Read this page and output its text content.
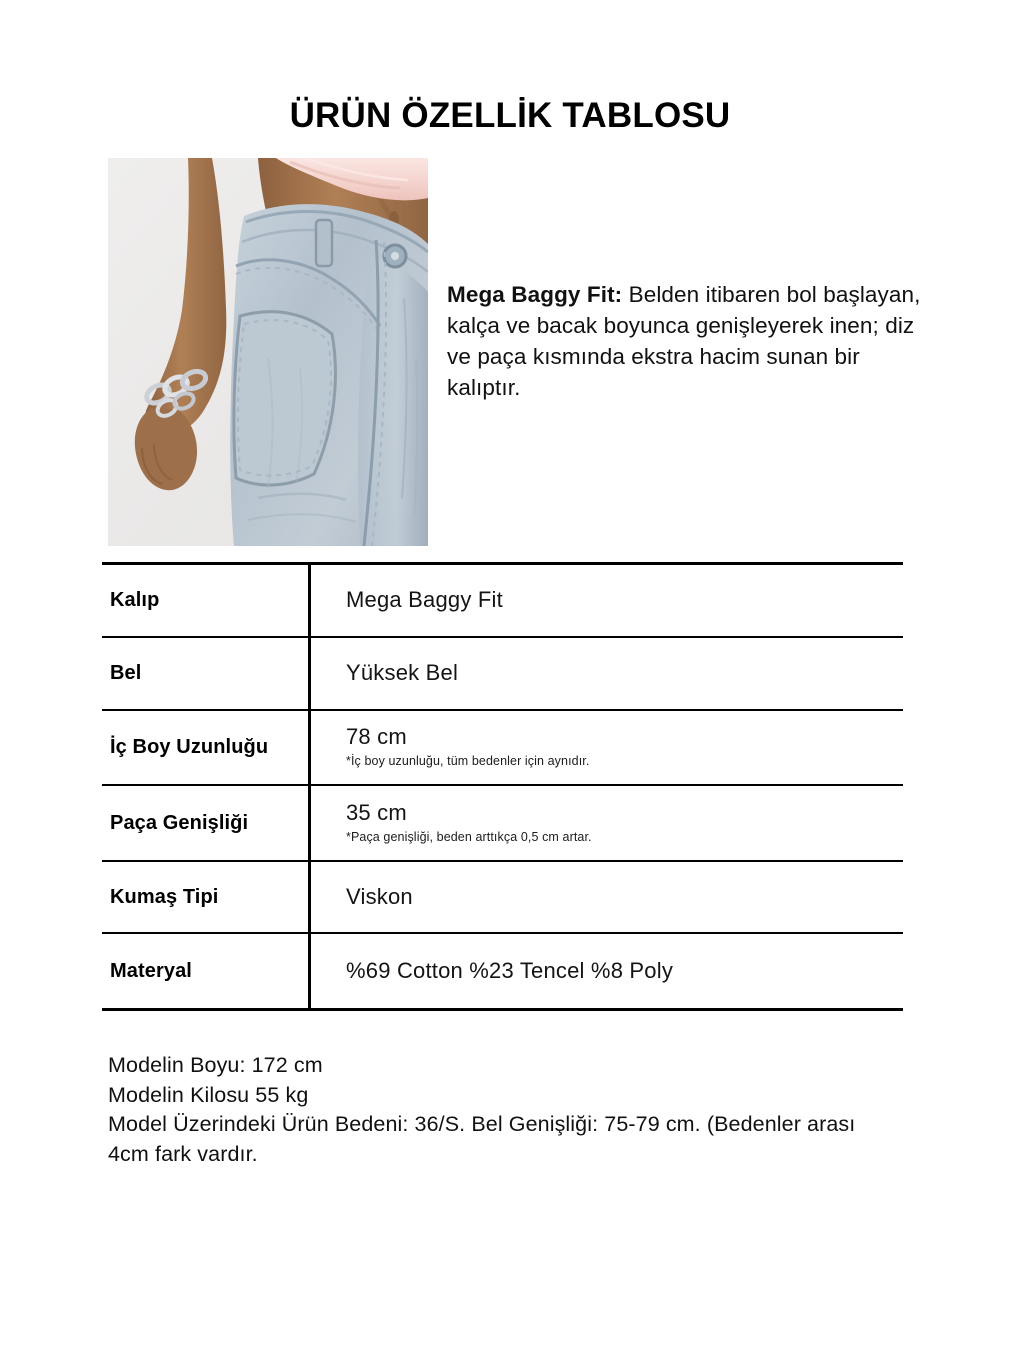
ÜRÜN ÖZELLİK TABLOSU
Mega Baggy Fit: Belden itibaren bol başlayan, kalça ve bacak boyunca genişleyerek inen; diz ve paça kısmında ekstra hacim sunan bir kalıptır.
Kalıp	Mega Baggy Fit
Bel	Yüksek Bel
İç Boy Uzunluğu	78 cm
*İç boy uzunluğu, tüm bedenler için aynıdır.
Paça Genişliği	35 cm
*Paça genişliği, beden arttıkça 0,5 cm artar.
Kumaş Tipi	Viskon
Materyal	%69 Cotton %23 Tencel %8 Poly
Modelin Boyu: 172 cm
Modelin Kilosu 55 kg
Model Üzerindeki Ürün Bedeni: 36/S. Bel Genişliği: 75-79 cm. (Bedenler arası 4cm fark vardır.
